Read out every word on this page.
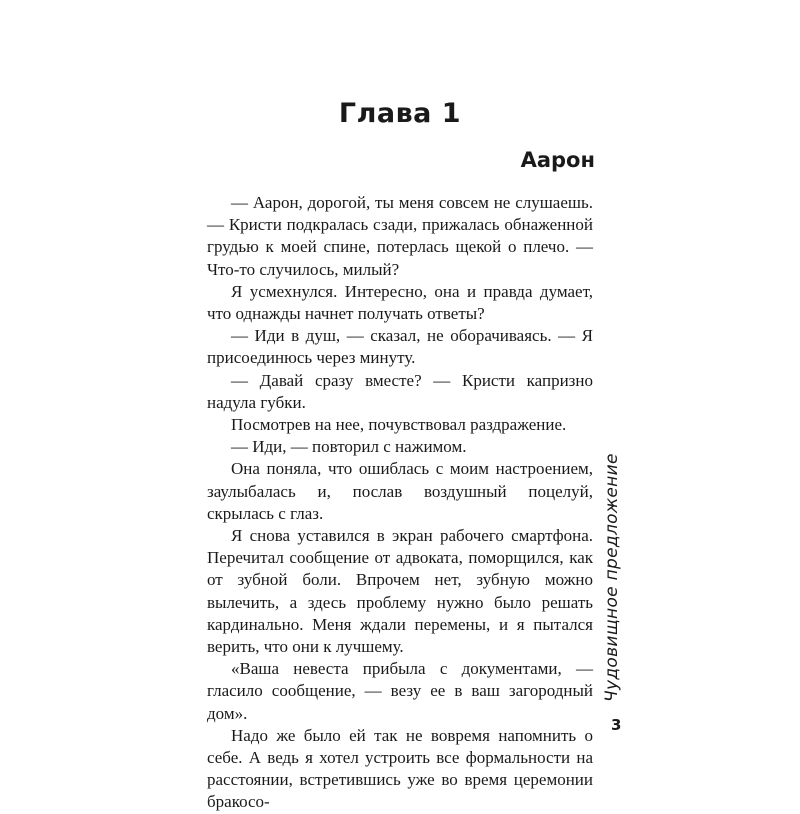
Глава 1
Аарон

— Аарон, дорогой, ты меня совсем не слушаешь. — Кристи подкралась сзади, прижалась обнаженной грудью к моей спине, потерлась щекой о плечо. — Что-то случилось, милый?

Я усмехнулся. Интересно, она и правда думает, что однажды начнет получать ответы?

— Иди в душ, — сказал, не оборачиваясь. — Я присоединюсь через минуту.

— Давай сразу вместе? — Кристи капризно надула губки.

Посмотрев на нее, почувствовал раздражение.

— Иди, — повторил с нажимом.

Она поняла, что ошиблась с моим настроением, заулыбалась и, послав воздушный поцелуй, скрылась с глаз.

Я снова уставился в экран рабочего смартфона. Перечитал сообщение от адвоката, поморщился, как от зубной боли. Впрочем нет, зубную можно вылечить, а здесь проблему нужно было решать кардинально. Меня ждали перемены, и я пытался верить, что они к лучшему.

«Ваша невеста прибыла с документами, — гласило сообщение, — везу ее в ваш загородный дом».

Надо же было ей так не вовремя напомнить о себе. А ведь я хотел устроить все формальности на расстоянии, встретившись уже во время церемонии бракосо-

Чудовищное предложение
3
